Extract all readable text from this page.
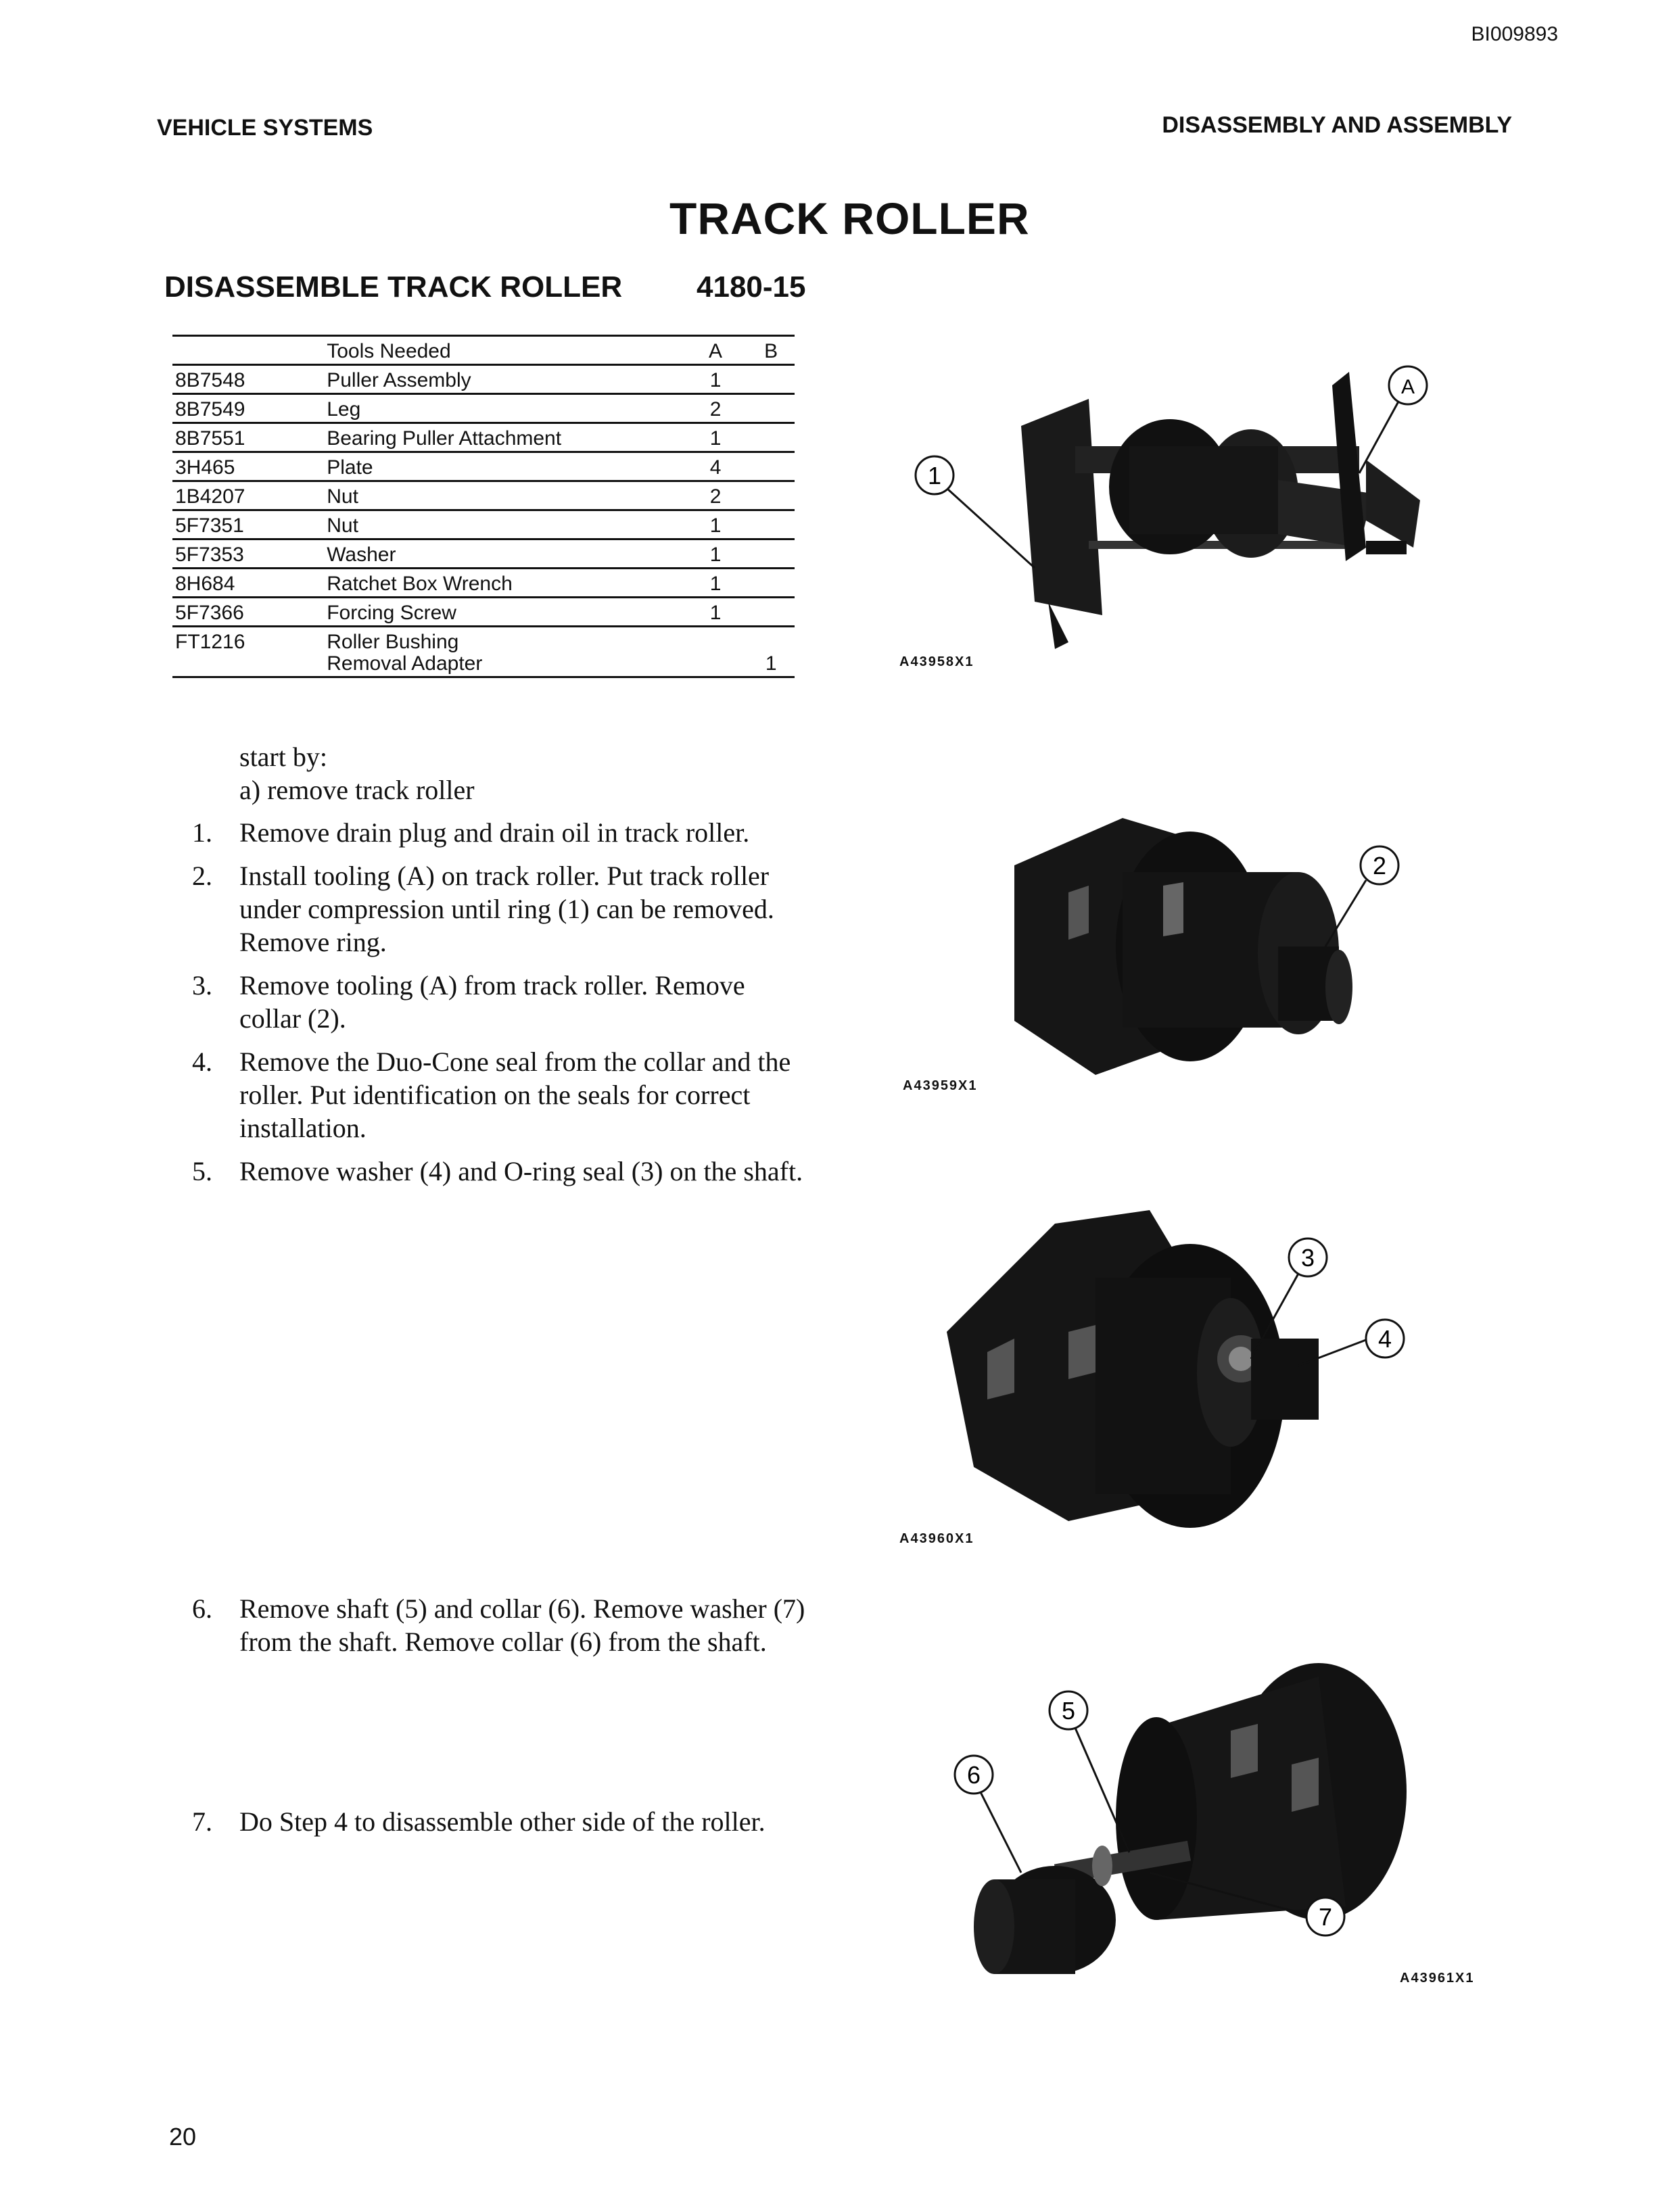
BI009893
VEHICLE SYSTEMS	DISASSEMBLY AND ASSEMBLY
TRACK ROLLER
DISASSEMBLE TRACK ROLLER 4180-15
	Tools Needed	A	B
8B7548	Puller Assembly	1	
8B7549	Leg	2	
8B7551	Bearing Puller Attachment	1	
3H465	Plate	4	
1B4207	Nut	2	
5F7351	Nut	1	
5F7353	Washer	1	
8H684	Ratchet Box Wrench	1	
5F7366	Forcing Screw	1	
FT1216	Roller Bushing
Removal Adapter		1
start by:
a) remove track roller
1. Remove drain plug and drain oil in track roller.
2. Install tooling (A) on track roller. Put track roller under compression until ring (1) can be removed. Remove ring.
3. Remove tooling (A) from track roller. Remove collar (2).
4. Remove the Duo-Cone seal from the collar and the roller. Put identification on the seals for correct installation.
5. Remove washer (4) and O-ring seal (3) on the shaft.
6. Remove shaft (5) and collar (6). Remove washer (7) from the shaft. Remove collar (6) from the shaft.
7. Do Step 4 to disassemble other side of the roller.
1
A
A43958X1
2
A43959X1
3
4
A43960X1
5
6
7
A43961X1
20
